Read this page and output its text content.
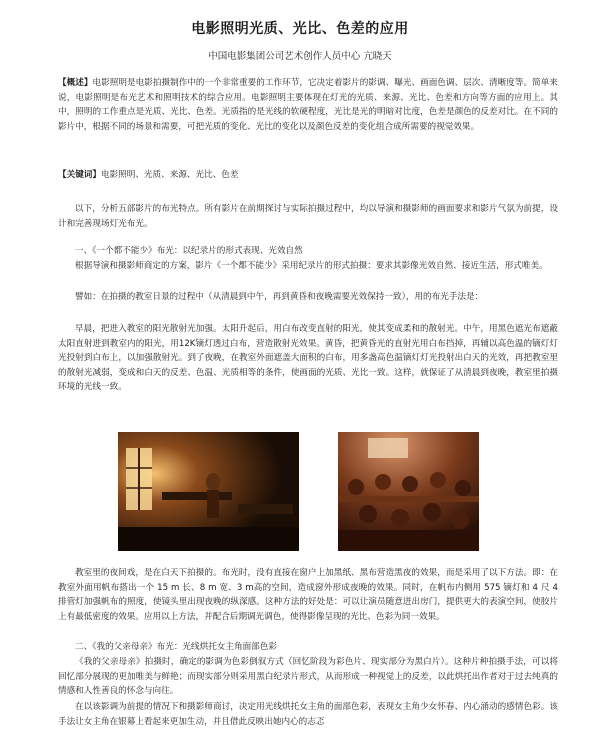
电影照明光质、光比、色差的应用
中国电影集团公司艺术创作人员中心 亢晓天

【概述】电影照明是电影拍摄制作中的一个非常重要的工作环节，它决定着影片的影调、曝光、画面色调、层次、清晰度等。简单来说，电影照明是布光艺术和照明技术的综合应用。电影照明主要体现在灯光的光质、来源、光比、色差和方向等方面的应用上。其中，照明的工作重点是光质、光比、色差。光质指的是光线的软硬程度，光比是光的明暗对比度，色差是颜色的反差对比。在不同的影片中，根据不同的场景和需要，可把光质的变化、光比的变化以及颜色反差的变化组合成所需要的视觉效果。

【关键词】电影照明、光质、来源、光比、色差

以下，分析五部影片的布光特点。所有影片在前期探讨与实际拍摄过程中，均以导演和摄影师的画面要求和影片气氛为前提，设计和完善现场灯光布光。

一、《一个都不能少》布光：以纪录片的形式表现、光效自然

根据导演和摄影师商定的方案，影片《一个都不能少》采用纪录片的形式拍摄：要求其影像光效自然、接近生活，形式唯美。

譬如：在拍摄的教室日景的过程中（从清晨到中午，再到黄昏和夜晚需要光效保持一致），用的布光手法是：

早晨，把进入教室的阳光散射光加强。太阳升起后，用白布改变直射的阳光，使其变成柔和的散射光。中午，用黑色遮光布遮蔽太阳直射进到教室内的阳光，用12K镝灯透过白布，营造散射光效果。黄昏，把黄昏光的直射光用白布挡掉，再辅以高色温的镝灯灯光投射到白布上，以加强散射光。到了夜晚，在教室外面遮盖大面积的白布，用多盏高色温镝灯灯光投射出白天的光效，再把教室里的散射光减弱，变成和白天的反差、色温、光质相等的条件，使画面的光质、光比一致。这样，就保证了从清晨到夜晚，教室里拍摄环境的光线一致。

教室里的夜间戏，是在白天下拍摄的。布光时，没有直接在窗户上加黑纸、黑布营造黑夜的效果，而是采用了以下方法。即：在教室外面用帆布搭出一个 15 m 长、8 m 宽、3 m高的空间，造成窗外形成夜晚的效果。同时，在帆布内侧用 575 镝灯和 4 尺 4 排管灯加强帆布的照度，使镜头里出现夜晚的纵深感。这种方法的好处是：可以让演员随意进出房门，提供更大的表演空间，使胶片上有最低密度的效果。应用以上方法，并配合后期调光调色，使得影像呈现的光比、色彩为同一效果。

二、《我的父亲母亲》布光：光线烘托女主角面部色彩

《我的父亲母亲》拍摄时，确定的影调为色彩倒叙方式（回忆阶段为彩色片、现实部分为黑白片）。这种片种拍摄手法，可以将回忆部分展现的更加唯美与鲜艳；而现实部分则采用黑白纪录片形式，从而形成一种视觉上的反差，以此烘托出作者对于过去纯真的情感和人性善良的怀念与向往。

在以该影调为前提的情况下和摄影师商讨，决定用光线烘托女主角的面部色彩，表现女主角少女怀春、内心涌动的感情色彩。该手法让女主角在银幕上看起来更加生动，并且借此反映出她内心的志忑
